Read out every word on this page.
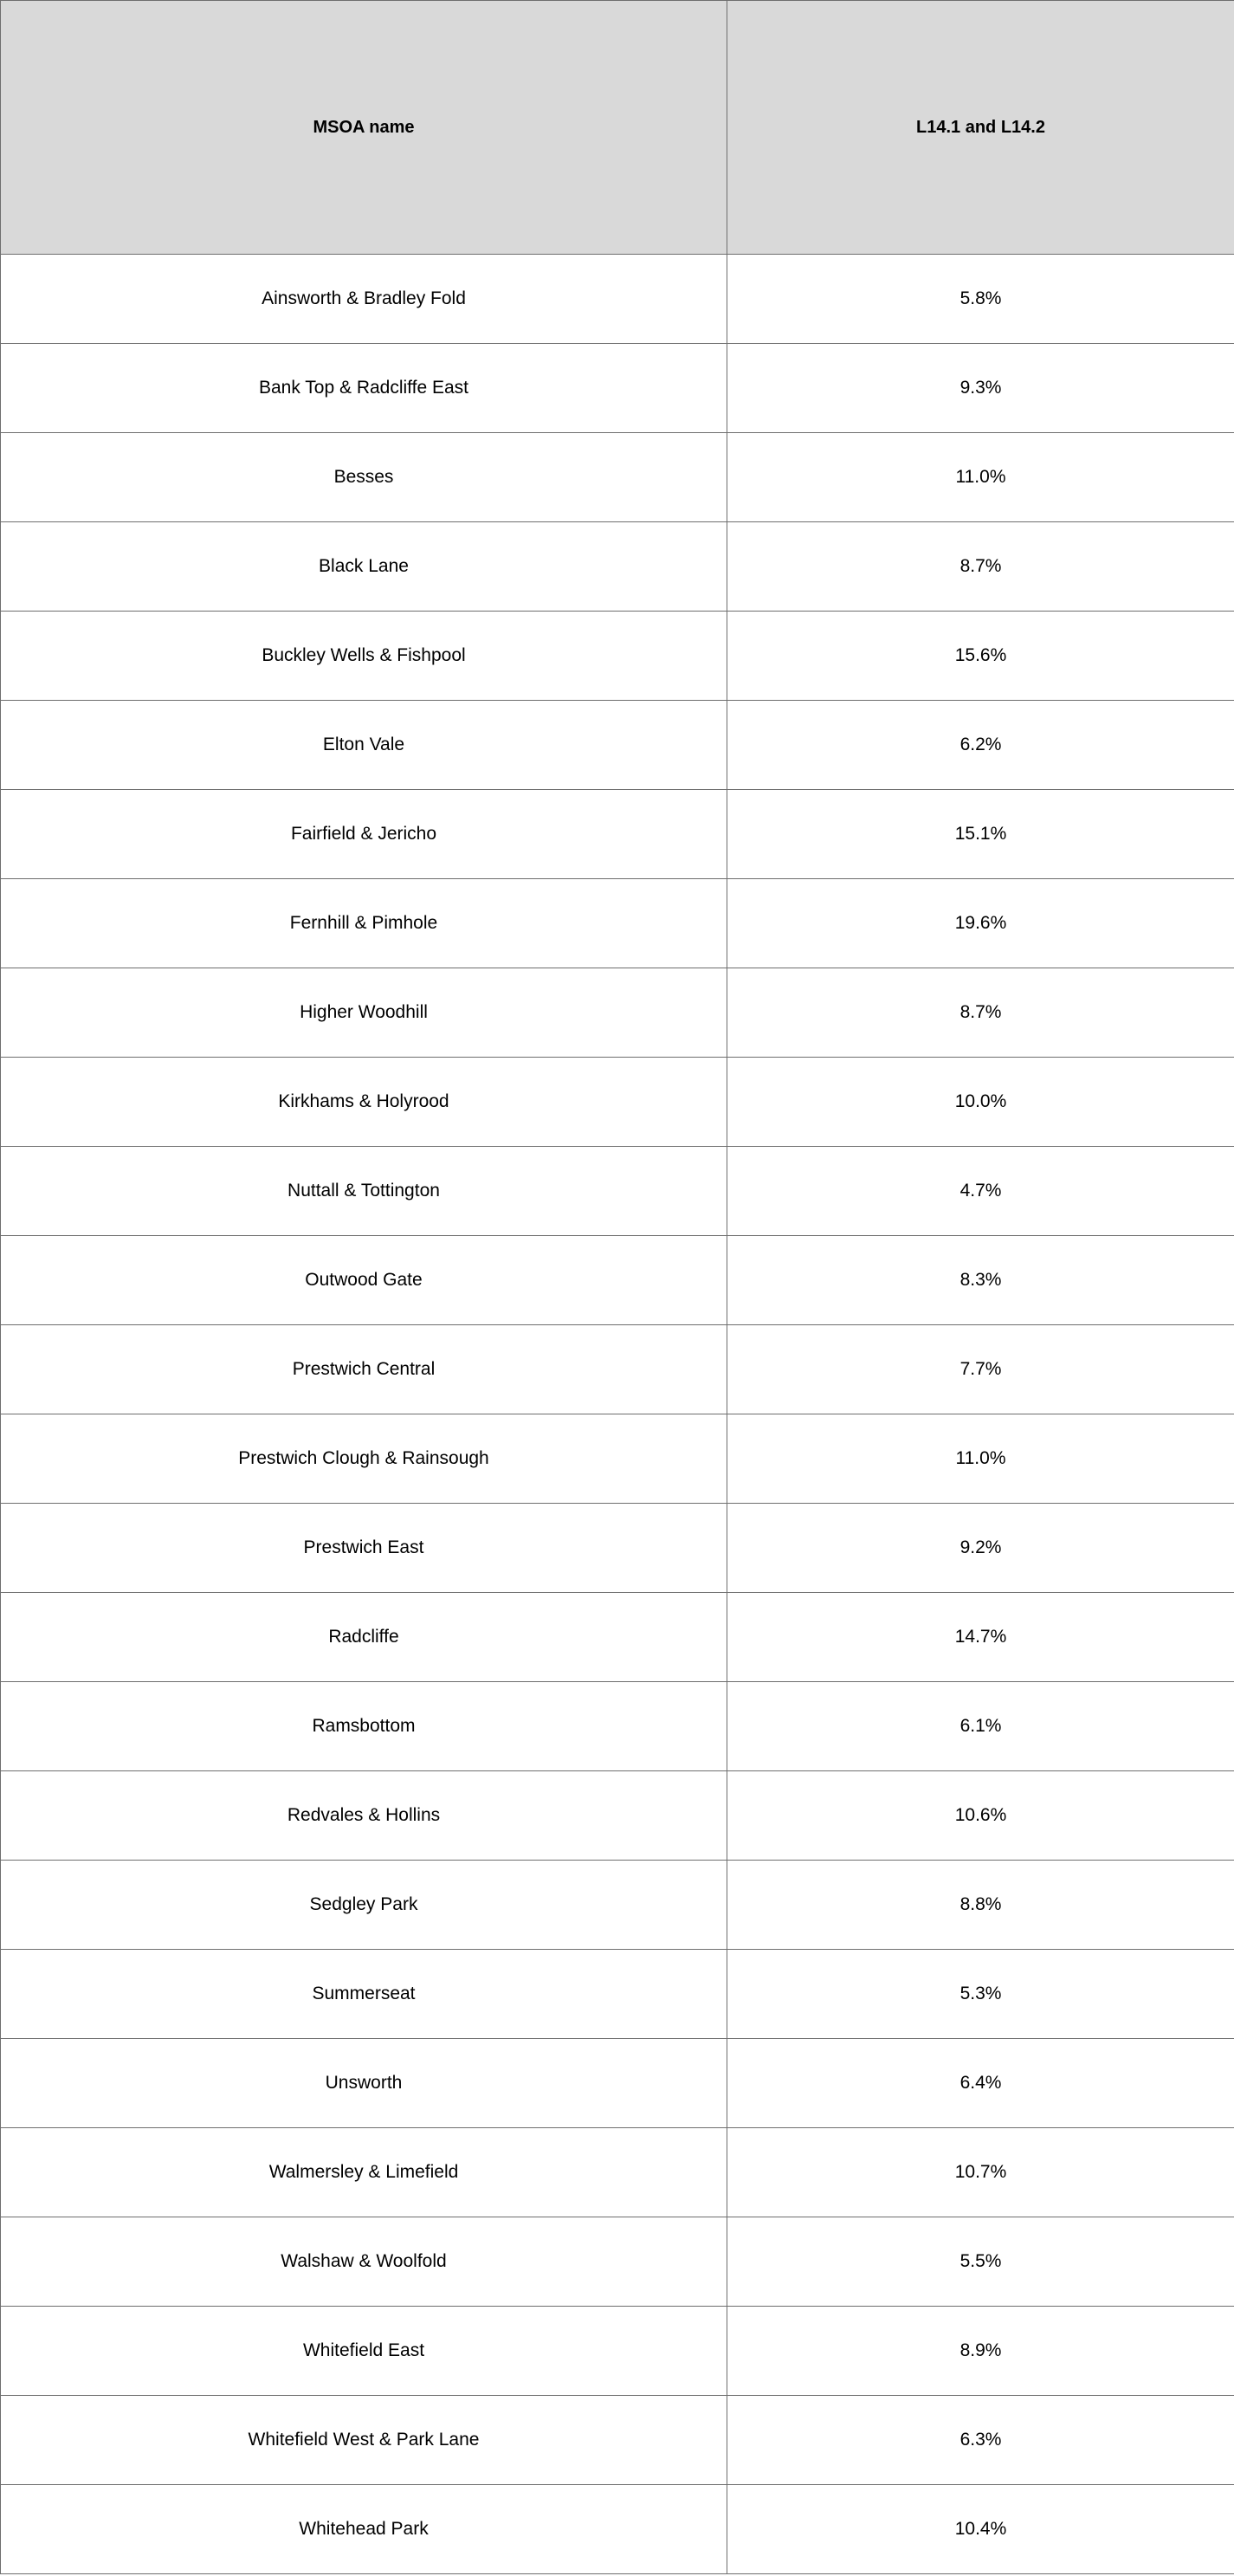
MSOA name	L14.1 and L14.2
Ainsworth & Bradley Fold	5.8%
Bank Top & Radcliffe East	9.3%
Besses	11.0%
Black Lane	8.7%
Buckley Wells & Fishpool	15.6%
Elton Vale	6.2%
Fairfield & Jericho	15.1%
Fernhill & Pimhole	19.6%
Higher Woodhill	8.7%
Kirkhams & Holyrood	10.0%
Nuttall & Tottington	4.7%
Outwood Gate	8.3%
Prestwich Central	7.7%
Prestwich Clough & Rainsough	11.0%
Prestwich East	9.2%
Radcliffe	14.7%
Ramsbottom	6.1%
Redvales & Hollins	10.6%
Sedgley Park	8.8%
Summerseat	5.3%
Unsworth	6.4%
Walmersley & Limefield	10.7%
Walshaw & Woolfold	5.5%
Whitefield East	8.9%
Whitefield West & Park Lane	6.3%
Whitehead Park	10.4%
